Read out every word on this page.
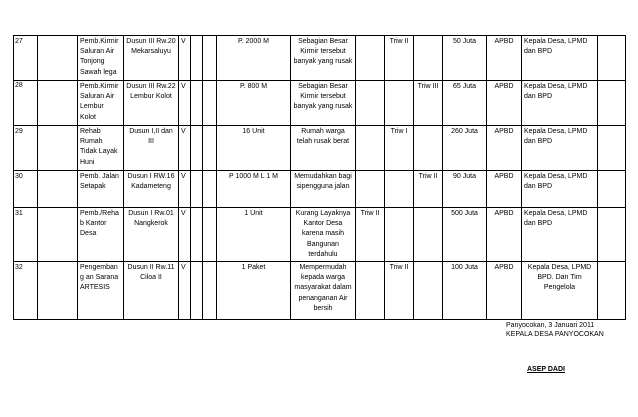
27		Pemb.Kirmir Saluran Air Tonjong Sawah lega	Dusun III Rw.20 Mekarsaluyu	V			P. 2000 M	Sebagian Besar Kirmir tersebut banyak yang rusak		Triw II		50 Juta	APBD	Kepala Desa, LPMD dan BPD	
28		Pemb.Kirmir Saluran Air Lembur Kolot	Dusun III Rw.22 Lembur Kolot	V			P. 800 M	Sebagian Besar Kirmir tersebut banyak yang rusak			Triw III	65 Juta	APBD	Kepala Desa, LPMD dan BPD	
29		Rehab Rumah Tidak Layak Huni	Dusun I,II dan III	V			16 Unit	Rumah warga telah rusak berat		Triw I		260 Juta	APBD	Kepala Desa, LPMD dan BPD	
30		Pemb. Jalan Setapak	Dusun I RW.16 Kadameteng	V			P 1000 M L 1 M	Memudahkan bagi sipengguna jalan			Triw II	90 Juta	APBD	Kepala Desa, LPMD dan BPD	
31		Pemb./Rehab Kantor Desa	Dusun I Rw.01 Nangkerok	V			1 Unit	Kurang Layaknya Kantor Desa karena masih Bangunan terdahulu	Triw II			500 Juta	APBD	Kepala Desa, LPMD dan BPD	
32		Pengembang an Sarana ARTESIS	Dusun II Rw.11 Ciloa II	V			1 Paket	Mempermudah kepada warga masyarakat dalam penanganan Air bersih		Triw II		100 Juta	APBD	Kepala Desa, LPMD BPD. Dan Tim Pengelola	
Panyocokan, 3 Januari 2011
KEPALA DESA PANYOCOKAN
ASEP DADI
